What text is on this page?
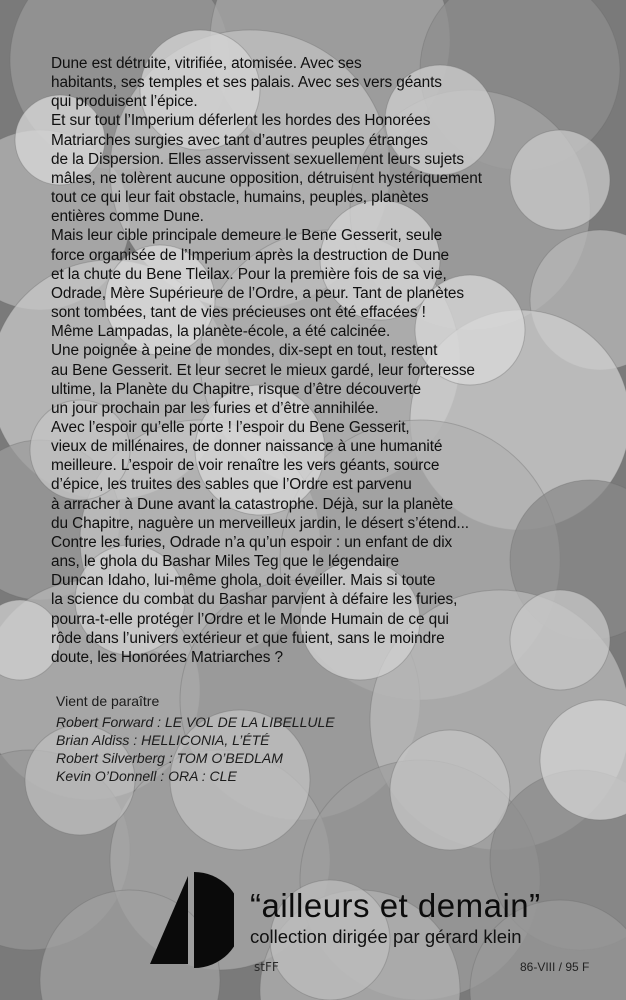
Dune est détruite, vitrifiée, atomisée. Avec ses
habitants, ses temples et ses palais. Avec ses vers géants
qui produisent l’épice.
Et sur tout l’Imperium déferlent les hordes des Honorées
Matriarches surgies avec tant d’autres peuples étranges
de la Dispersion. Elles asservissent sexuellement leurs sujets
mâles, ne tolèrent aucune opposition, détruisent hystériquement
tout ce qui leur fait obstacle, humains, peuples, planètes
entières comme Dune.
Mais leur cible principale demeure le Bene Gesserit, seule
force organisée de l’Imperium après la destruction de Dune
et la chute du Bene Tleilax. Pour la première fois de sa vie,
Odrade, Mère Supérieure de l’Ordre, a peur. Tant de planètes
sont tombées, tant de vies précieuses ont été effacées !
Même Lampadas, la planète-école, a été calcinée.
Une poignée à peine de mondes, dix-sept en tout, restent
au Bene Gesserit. Et leur secret le mieux gardé, leur forteresse
ultime, la Planète du Chapitre, risque d’être découverte
un jour prochain par les furies et d’être annihilée.
Avec l’espoir qu’elle porte ! l’espoir du Bene Gesserit,
vieux de millénaires, de donner naissance à une humanité
meilleure. L’espoir de voir renaître les vers géants, source
d’épice, les truites des sables que l’Ordre est parvenu
à arracher à Dune avant la catastrophe. Déjà, sur la planète
du Chapitre, naguère un merveilleux jardin, le désert s’étend...
Contre les furies, Odrade n’a qu’un espoir : un enfant de dix
ans, le ghola du Bashar Miles Teg que le légendaire
Duncan Idaho, lui-même ghola, doit éveiller. Mais si toute
la science du combat du Bashar parvient à défaire les furies,
pourra-t-elle protéger l’Ordre et le Monde Humain de ce qui
rôde dans l’univers extérieur et que fuient, sans le moindre
doute, les Honorées Matriarches ?
Vient de paraître
Robert Forward : LE VOL DE LA LIBELLULE
Brian Aldiss : HELLICONIA, L’ÉTÉ
Robert Silverberg : TOM O’BEDLAM
Kevin O’Donnell : ORA : CLE
“ailleurs et demain”
collection dirigée par gérard klein
stFF	86-VIII / 95 F
